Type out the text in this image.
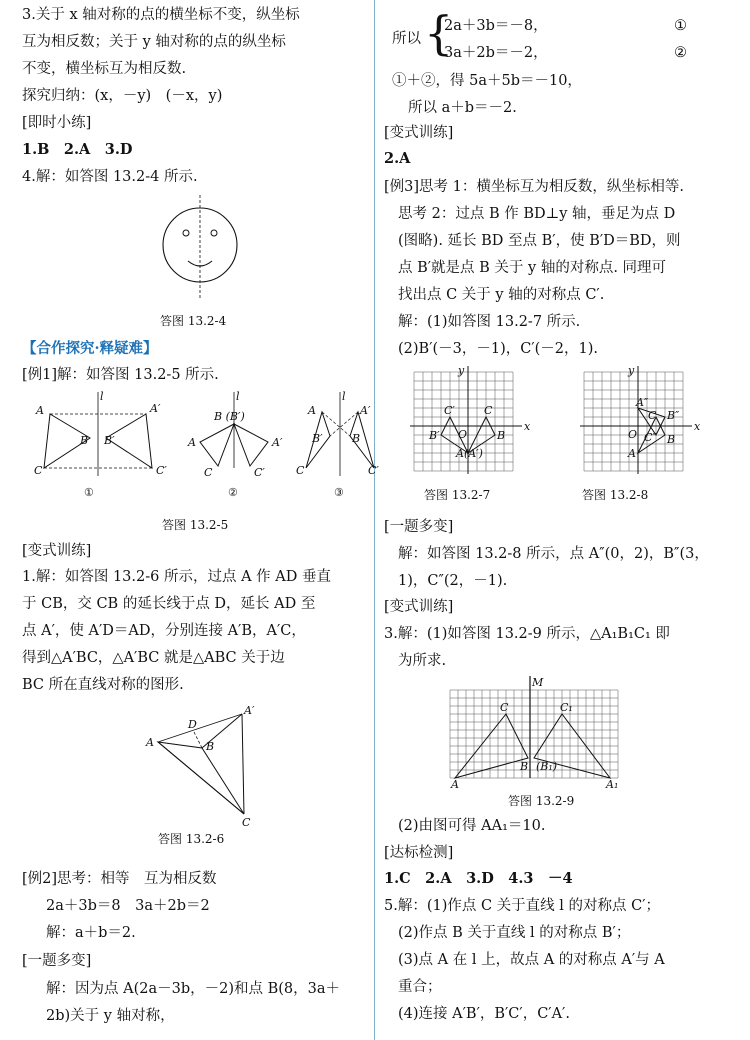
3.关于 x 轴对称的点的横坐标不变，纵坐标
互为相反数；关于 y 轴对称的点的纵坐标
不变，横坐标互为相反数.
探究归纳：(x，－y)　(－x，y)
[即时小练]
1.B　2.A　3.D
4.解：如答图 13.2-4 所示.
答图 13.2-4
【合作探究·释疑难】
[例1]解：如答图 13.2-5 所示.
l
A	A′
B B′
C	C′
l
B (B′)
A	A′
C	C′
l
A	A′
B′	B
C	C′
①	②	③
答图 13.2-5
[变式训练]
1.解：如答图 13.2-6 所示，过点 A 作 AD 垂直
于 CB，交 CB 的延长线于点 D，延长 AD 至
点 A′，使 A′D＝AD，分别连接 A′B，A′C，
得到△A′BC，△A′BC 就是△ABC 关于边
BC 所在直线对称的图形.
A
A′
B
D
C
答图 13.2-6
[例2]思考：相等　互为相反数
2a＋3b＝8　3a＋2b＝2
解：a＋b＝2.
[一题多变]
解：因为点 A(2a－3b，－2)和点 B(8，3a＋
2b)关于 y 轴对称，
所以 {
2a＋3b＝－8，	①
3a＋2b＝－2，	②
①＋②，得 5a＋5b＝－10，
所以 a＋b＝－2.
[变式训练]
2.A
[例3]思考 1：横坐标互为相反数，纵坐标相等.
思考 2：过点 B 作 BD⊥y 轴，垂足为点 D
(图略). 延长 BD 至点 B′，使 B′D＝BD，则
点 B′就是点 B 关于 y 轴的对称点. 同理可
找出点 C 关于 y 轴的对称点 C′.
解：(1)如答图 13.2-7 所示.
(2)B′(－3，－1)，C′(－2，1).
x
y
O	B
C
B′
C′
A(A′)
x
y
O
A″
B″
C
C″ B
A
答图 13.2-7	答图 13.2-8
[一题多变]
解：如答图 13.2-8 所示，点 A″(0，2)，B″(3，
1)，C″(2，－1).
[变式训练]
3.解：(1)如答图 13.2-9 所示，△A₁B₁C₁ 即
为所求.
M
A
C
B (B₁)
C₁
A₁
答图 13.2-9
(2)由图可得 AA₁＝10.
[达标检测]
1.C　2.A　3.D　4.3　－4
5.解：(1)作点 C 关于直线 l 的对称点 C′；
(2)作点 B 关于直线 l 的对称点 B′；
(3)点 A 在 l 上，故点 A 的对称点 A′与 A
重合；
(4)连接 A′B′，B′C′，C′A′.
